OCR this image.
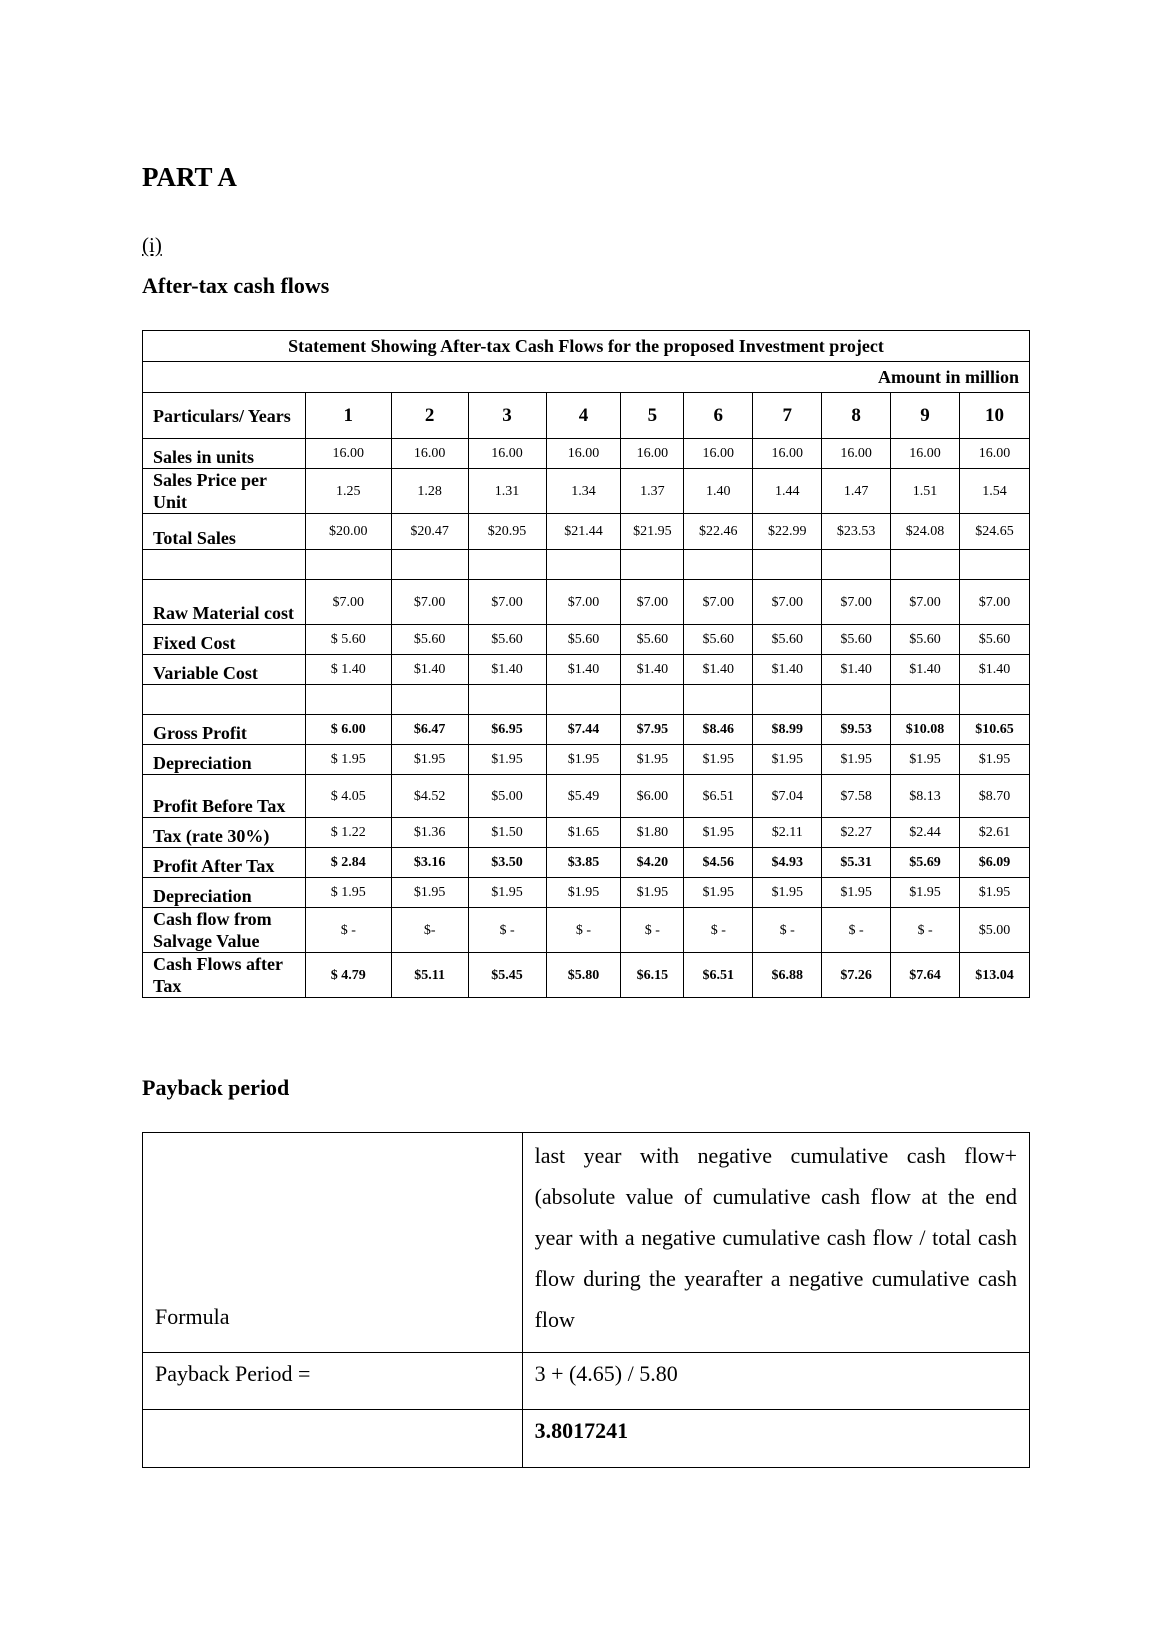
PART A
(i)
After-tax cash flows
Statement Showing After-tax Cash Flows for the proposed Investment project										
Amount in million										
Particulars/ Years	1	2	3	4	5	6	7	8	9	10
Sales in units	16.00	16.00	16.00	16.00	16.00	16.00	16.00	16.00	16.00	16.00
Sales Price per Unit	1.25	1.28	1.31	1.34	1.37	1.40	1.44	1.47	1.51	1.54
Total Sales	$20.00	$20.47	$20.95	$21.44	$21.95	$22.46	$22.99	$23.53	$24.08	$24.65

Raw Material cost	$7.00	$7.00	$7.00	$7.00	$7.00	$7.00	$7.00	$7.00	$7.00	$7.00
Fixed Cost	$ 5.60	$5.60	$5.60	$5.60	$5.60	$5.60	$5.60	$5.60	$5.60	$5.60
Variable Cost	$ 1.40	$1.40	$1.40	$1.40	$1.40	$1.40	$1.40	$1.40	$1.40	$1.40

Gross Profit	$ 6.00	$6.47	$6.95	$7.44	$7.95	$8.46	$8.99	$9.53	$10.08	$10.65
Depreciation	$ 1.95	$1.95	$1.95	$1.95	$1.95	$1.95	$1.95	$1.95	$1.95	$1.95
Profit Before Tax	$ 4.05	$4.52	$5.00	$5.49	$6.00	$6.51	$7.04	$7.58	$8.13	$8.70
Tax (rate 30%)	$ 1.22	$1.36	$1.50	$1.65	$1.80	$1.95	$2.11	$2.27	$2.44	$2.61
Profit After Tax	$ 2.84	$3.16	$3.50	$3.85	$4.20	$4.56	$4.93	$5.31	$5.69	$6.09
Depreciation	$ 1.95	$1.95	$1.95	$1.95	$1.95	$1.95	$1.95	$1.95	$1.95	$1.95
Cash flow from Salvage Value	$ -	$-	$ -	$ -	$ -	$ -	$ -	$ -	$ -	$5.00
Cash Flows after Tax	$ 4.79	$5.11	$5.45	$5.80	$6.15	$6.51	$6.88	$7.26	$7.64	$13.04
Payback period
Formula	last year with negative cumulative cash flow+ (absolute value of cumulative cash flow at the end year with a negative cumulative cash flow / total cash flow during the yearafter a negative cumulative cash flow
Payback Period =	3 + (4.65) / 5.80
	3.8017241
